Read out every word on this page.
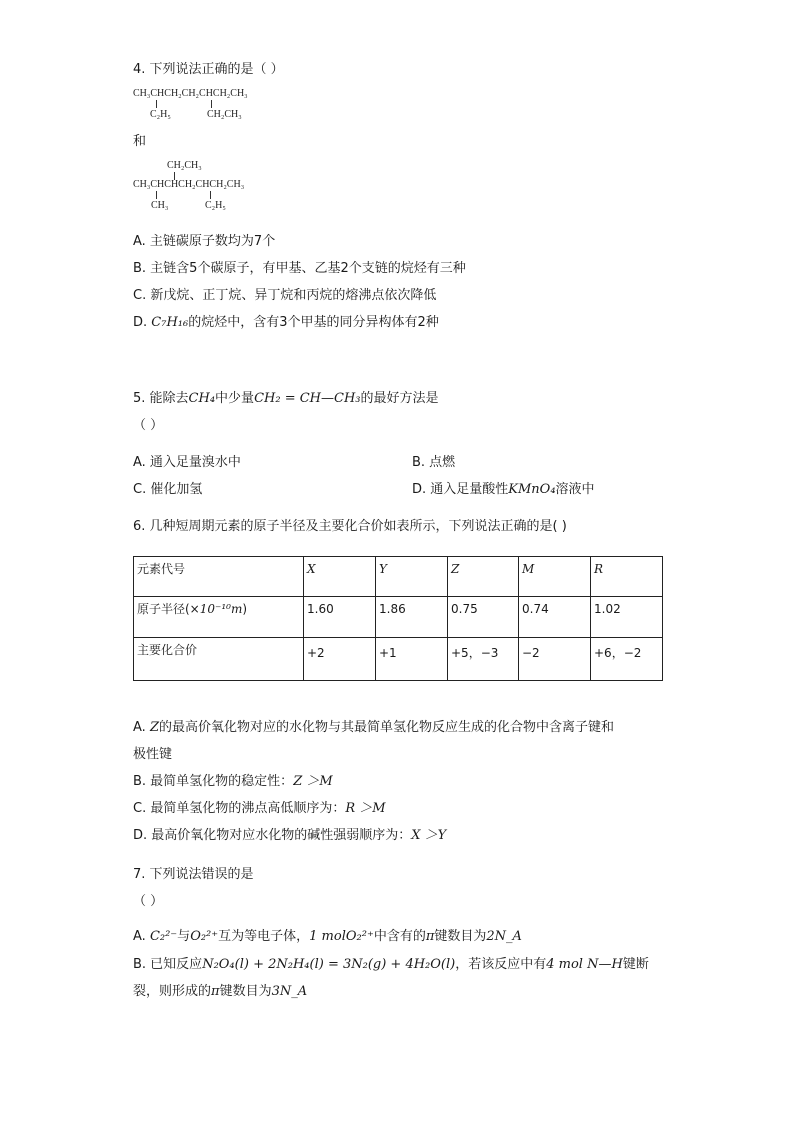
4. 下列说法正确的是（ ）
CH₃CHCH₂CH₂CHCH₂CH₃
C₂H₅	CH₂CH₃
和
CH₂CH₃
CH₃CHCHCH₂CHCH₂CH₃
CH₃	C₂H₅
A. 主链碳原子数均为7个
B. 主链含5个碳原子，有甲基、乙基2个支链的烷烃有三种
C. 新戊烷、正丁烷、异丁烷和丙烷的熔沸点依次降低
D. C₇H₁₆的烷烃中，含有3个甲基的同分异构体有2种
5. 能除去CH₄中少量CH₂ = CH—CH₃的最好方法是
（ ）
A. 通入足量溴水中	B. 点燃
C. 催化加氢	D. 通入足量酸性KMnO₄溶液中
6. 几种短周期元素的原子半径及主要化合价如表所示，下列说法正确的是( )
元素代号	X	Y	Z	M	R
原子半径(×10⁻¹⁰m)	1.60	1.86	0.75	0.74	1.02
主要化合价	+2	+1	+5，−3	−2	+6，−2
A. Z的最高价氧化物对应的水化物与其最简单氢化物反应生成的化合物中含离子键和
极性键
B. 最简单氢化物的稳定性：Z ＞M
C. 最简单氢化物的沸点高低顺序为：R ＞M
D. 最高价氧化物对应水化物的碱性强弱顺序为：X ＞Y
7. 下列说法错误的是
（ ）
A. C₂²⁻与O₂²⁺互为等电子体，1 molO₂²⁺中含有的π键数目为2N_A
B. 已知反应N₂O₄(l) + 2N₂H₄(l) = 3N₂(g) + 4H₂O(l)，若该反应中有4 mol N—H键断
裂，则形成的π键数目为3N_A
